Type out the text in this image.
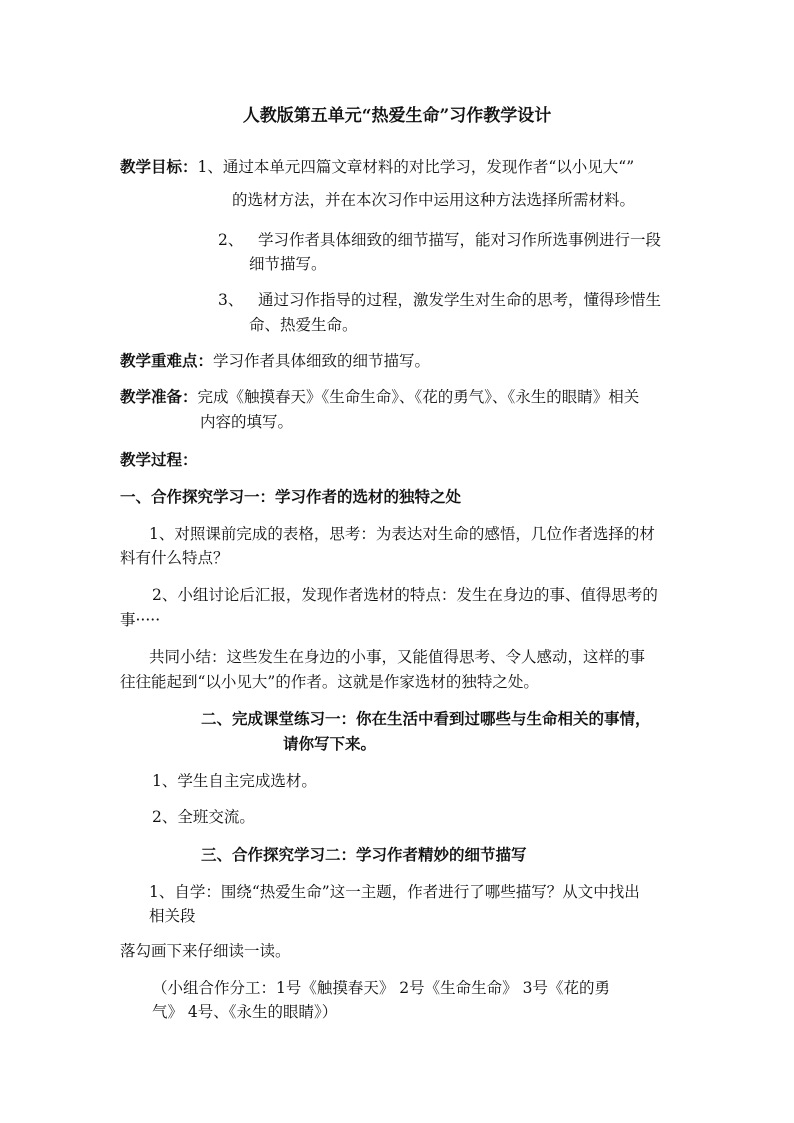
人教版第五单元“热爱生命”习作教学设计
教学目标：1、通过本单元四篇文章材料的对比学习，发现作者“以小见大“”
的选材方法，并在本次习作中运用这种方法选择所需材料。
2、 学习作者具体细致的细节描写，能对习作所选事例进行一段
细节描写。
3、 通过习作指导的过程，激发学生对生命的思考，懂得珍惜生
命、热爱生命。
教学重难点：学习作者具体细致的细节描写。
教学准备：完成《触摸春天》《生命生命》、《花的勇气》、《永生的眼睛》相关
内容的填写。
教学过程：
一、合作探究学习一：学习作者的选材的独特之处
1、对照课前完成的表格，思考：为表达对生命的感悟，几位作者选择的材
料有什么特点？
2、小组讨论后汇报，发现作者选材的特点：发生在身边的事、值得思考的
事·····
共同小结：这些发生在身边的小事，又能值得思考、令人感动，这样的事
往往能起到“以小见大”的作者。这就是作家选材的独特之处。
二、完成课堂练习一：你在生活中看到过哪些与生命相关的事情，
请你写下来。
1、学生自主完成选材。
2、全班交流。
三、合作探究学习二：学习作者精妙的细节描写
1、自学：围绕“热爱生命”这一主题，作者进行了哪些描写？从文中找出
相关段
落勾画下来仔细读一读。
（小组合作分工：1号《触摸春天》 2号《生命生命》 3号《花的勇
气》 4号、《永生的眼睛》）
